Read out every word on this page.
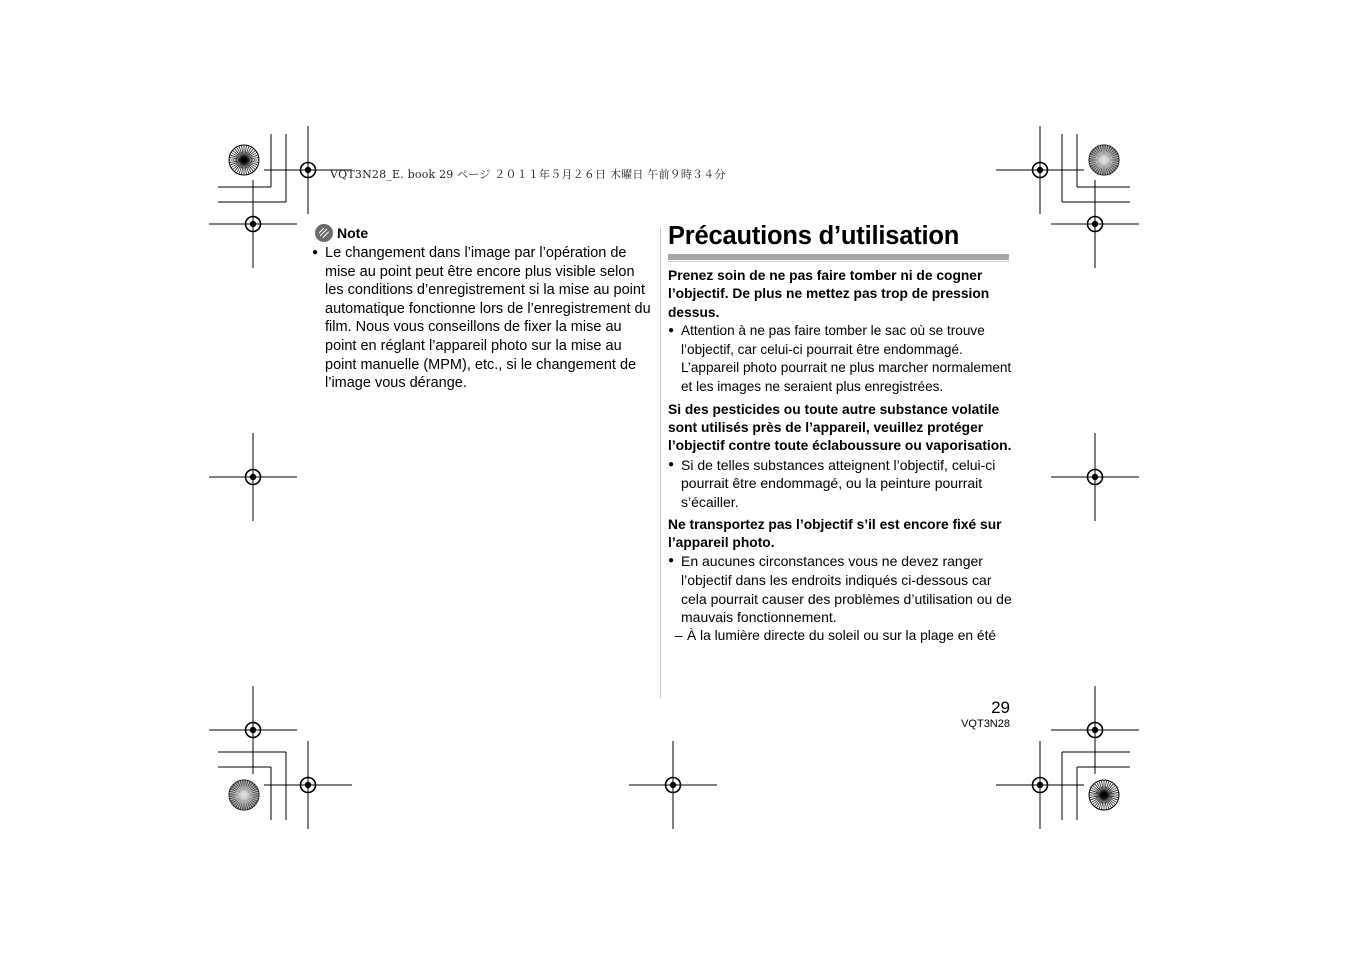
VQT3N28_E. book 29 ページ ２０１１年５月２６日 木曜日 午前９時３４分
Note
● Le changement dans l’image par l’opération de mise au point peut être encore plus visible selon les conditions d’enregistrement si la mise au point automatique fonctionne lors de l’enregistrement du film. Nous vous conseillons de fixer la mise au point en réglant l’appareil photo sur la mise au point manuelle (MPM), etc., si le changement de l’image vous dérange.
Précautions d’utilisation
Prenez soin de ne pas faire tomber ni de cogner l’objectif. De plus ne mettez pas trop de pression dessus.
● Attention à ne pas faire tomber le sac où se trouve l’objectif, car celui-ci pourrait être endommagé. L’appareil photo pourrait ne plus marcher normalement et les images ne seraient plus enregistrées.
Si des pesticides ou toute autre substance volatile sont utilisés près de l’appareil, veuillez protéger l’objectif contre toute éclaboussure ou vaporisation.
● Si de telles substances atteignent l’objectif, celui-ci pourrait être endommagé, ou la peinture pourrait s’écailler.
Ne transportez pas l’objectif s’il est encore fixé sur l’appareil photo.
● En aucunes circonstances vous ne devez ranger l’objectif dans les endroits indiqués ci-dessous car cela pourrait causer des problèmes d’utilisation ou de mauvais fonctionnement.
– À la lumière directe du soleil ou sur la plage en été
29
VQT3N28
